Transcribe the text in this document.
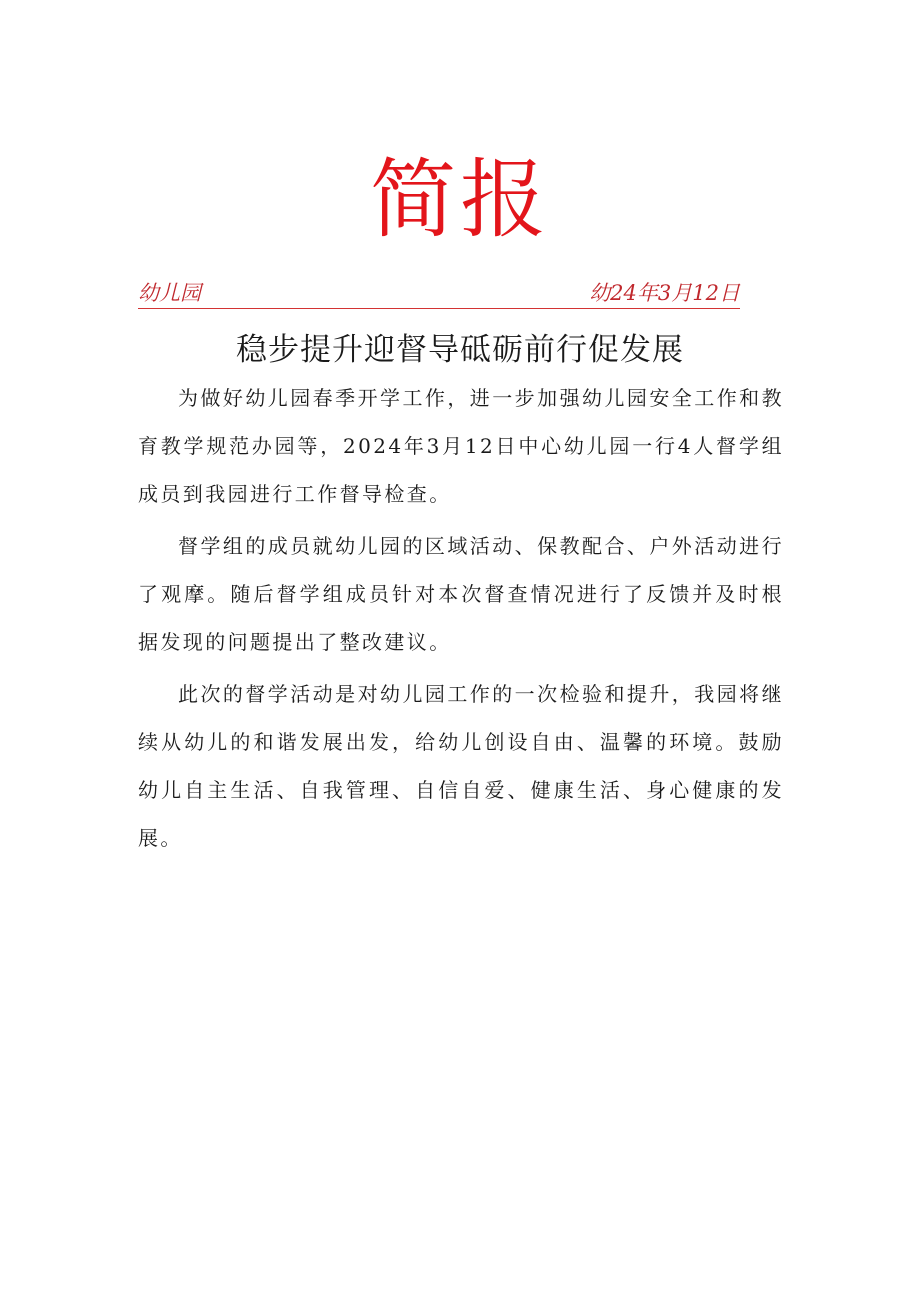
简报
幼儿园	幼24年3月12日
稳步提升迎督导砥砺前行促发展

为做好幼儿园春季开学工作，进一步加强幼儿园安全工作和教育教学规范办园等，2024年3月12日中心幼儿园一行4人督学组成员到我园进行工作督导检查。

督学组的成员就幼儿园的区域活动、保教配合、户外活动进行了观摩。随后督学组成员针对本次督查情况进行了反馈并及时根据发现的问题提出了整改建议。

此次的督学活动是对幼儿园工作的一次检验和提升，我园将继续从幼儿的和谐发展出发，给幼儿创设自由、温馨的环境。鼓励幼儿自主生活、自我管理、自信自爱、健康生活、身心健康的发展。
